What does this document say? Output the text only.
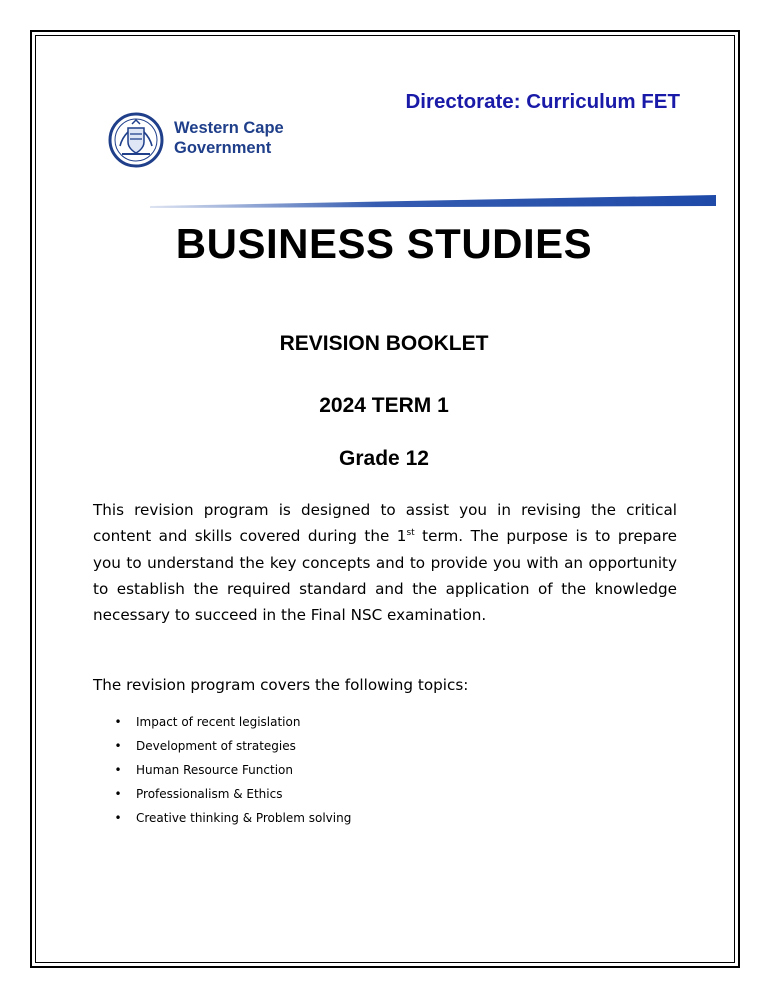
Directorate: Curriculum FET
Western Cape
Government
BUSINESS STUDIES
REVISION BOOKLET
2024 TERM 1
Grade 12
This revision program is designed to assist you in revising the critical content and skills covered during the 1st term. The purpose is to prepare you to understand the key concepts and to provide you with an opportunity to establish the required standard and the application of the knowledge necessary to succeed in the Final NSC examination.
The revision program covers the following topics:
• Impact of recent legislation
• Development of strategies
• Human Resource Function
• Professionalism & Ethics
• Creative thinking & Problem solving
